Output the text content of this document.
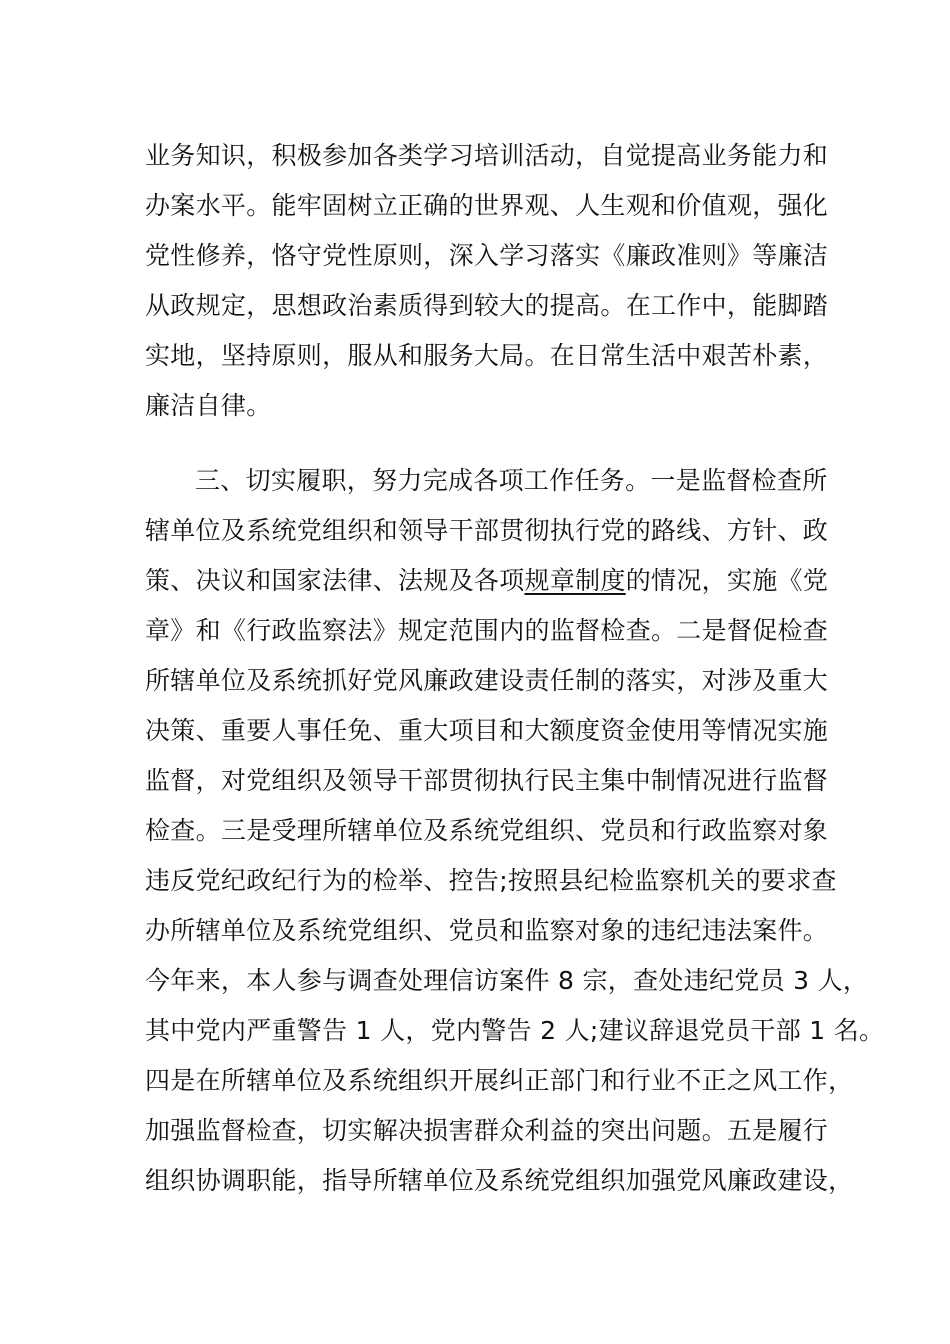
业务知识，积极参加各类学习培训活动，自觉提高业务能力和
办案水平。能牢固树立正确的世界观、人生观和价值观，强化
党性修养，恪守党性原则，深入学习落实《廉政准则》等廉洁
从政规定，思想政治素质得到较大的提高。在工作中，能脚踏
实地，坚持原则，服从和服务大局。在日常生活中艰苦朴素，
廉洁自律。
三、切实履职，努力完成各项工作任务。一是监督检查所
辖单位及系统党组织和领导干部贯彻执行党的路线、方针、政
策、决议和国家法律、法规及各项规章制度的情况，实施《党
章》和《行政监察法》规定范围内的监督检查。二是督促检查
所辖单位及系统抓好党风廉政建设责任制的落实，对涉及重大
决策、重要人事任免、重大项目和大额度资金使用等情况实施
监督，对党组织及领导干部贯彻执行民主集中制情况进行监督
检查。三是受理所辖单位及系统党组织、党员和行政监察对象
违反党纪政纪行为的检举、控告;按照县纪检监察机关的要求查
办所辖单位及系统党组织、党员和监察对象的违纪违法案件。
今年来，本人参与调查处理信访案件 8 宗，查处违纪党员 3 人，
其中党内严重警告 1 人，党内警告 2 人;建议辞退党员干部 1 名。
四是在所辖单位及系统组织开展纠正部门和行业不正之风工作，
加强监督检查，切实解决损害群众利益的突出问题。五是履行
组织协调职能，指导所辖单位及系统党组织加强党风廉政建设，
